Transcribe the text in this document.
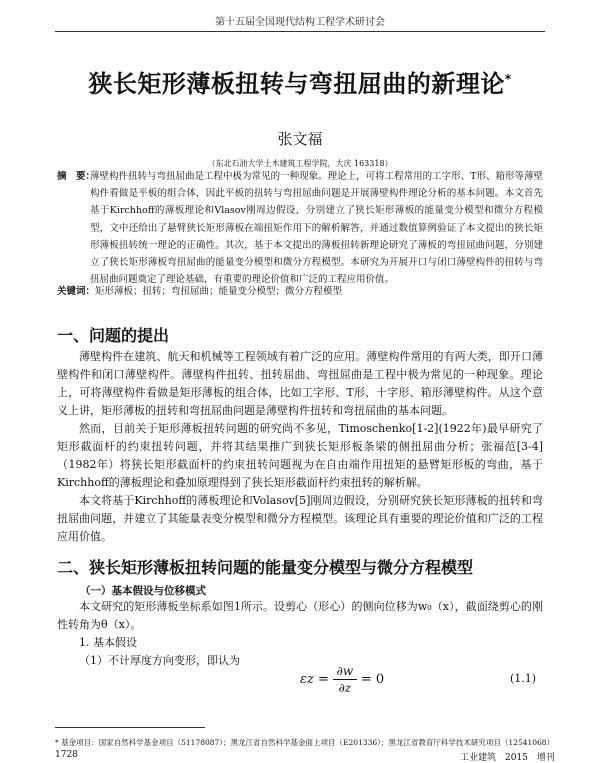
第十五届全国现代结构工程学术研讨会
狭长矩形薄板扭转与弯扭屈曲的新理论*
张文福
（东北石油大学土木建筑工程学院，大庆 163318）
摘　要：
薄壁构件扭转与弯扭屈曲是工程中极为常见的一种现象。理论上，可将工程常用的工字形、T形、箱形等薄壁构件看做是平板的组合体，因此平板的扭转与弯扭屈曲问题是开展薄壁构件理论分析的基本问题。本文首先基于Kirchhoff的薄板理论和Vlasov刚周边假设，分别建立了狭长矩形薄板的能量变分模型和微分方程模型，文中还给出了悬臂狭长矩形薄板在端扭矩作用下的解析解答，并通过数值算例验证了本文提出的狭长矩形薄板扭转统一理论的正确性。其次，基于本文提出的薄板扭转新理论研究了薄板的弯扭屈曲问题，分别建立了狭长矩形薄板弯扭屈曲的能量变分模型和微分方程模型。本研究为开展开口与闭口薄壁构件的扭转与弯扭屈曲问题奠定了理论基础，有重要的理论价值和广泛的工程应用价值。
关键词：矩形薄板；扭转；弯扭屈曲；能量变分模型；微分方程模型
一、问题的提出

薄壁构件在建筑、航天和机械等工程领域有着广泛的应用。薄壁构件常用的有两大类，即开口薄壁构件和闭口薄壁构件。薄壁构件扭转、扭转屈曲、弯扭屈曲是工程中极为常见的一种现象。理论上，可将薄壁构件看做是矩形薄板的组合体，比如工字形、T形、十字形、箱形薄壁构件。从这个意义上讲，矩形薄板的扭转和弯扭屈曲问题是薄壁构件扭转和弯扭屈曲的基本问题。

然而，目前关于矩形薄板扭转问题的研究尚不多见，Timoschenko[1-2](1922年)最早研究了矩形截面杆的约束扭转问题，并将其结果推广到狭长矩形板条梁的侧扭屈曲分析；张福范[3-4]（1982年）将狭长矩形截面杆的约束扭转问题视为在自由端作用扭矩的悬臂矩形板的弯曲，基于Kirchhoff的薄板理论和叠加原理得到了狭长矩形截面杆约束扭转的解析解。

本文将基于Kirchhoff的薄板理论和Volasov[5]刚周边假设，分别研究狭长矩形薄板的扭转和弯扭屈曲问题，并建立了其能量表变分模型和微分方程模型。该理论具有重要的理论价值和广泛的工程应用价值。

二、狭长矩形薄板扭转问题的能量变分模型与微分方程模型
（一）基本假设与位移模式

本文研究的矩形薄板坐标系如图1所示。设剪心（形心）的侧向位移为w₀（x），截面绕剪心的刚性转角为θ（x）。

1. 基本假设

（1）不计厚度方向变形，即认为

$\varepsilon z = \frac{\partial w}{\partial z} = 0$	(1.1)
* 基金项目：国家自然科学基金项目（51178087）；黑龙江省自然科学基金面上项目（E201336）；黑龙江省教育厅科学技术研究项目（12541068）
1728	工业建筑　2015　增刊
